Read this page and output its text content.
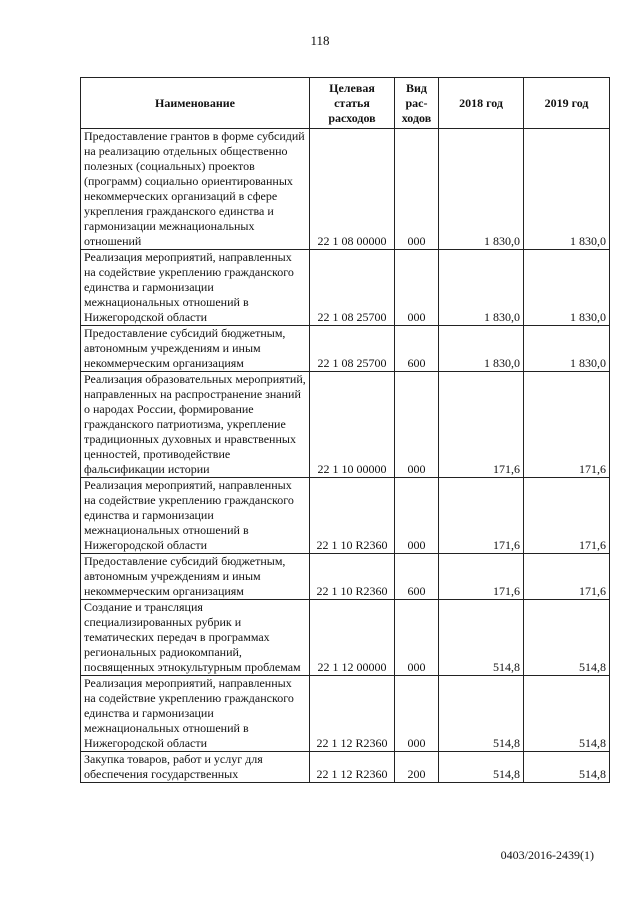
118
Наименование	Целевая статья расходов	Вид рас-ходов	2018 год	2019 год
Предоставление грантов в форме субсидий на реализацию отдельных общественно полезных (социальных) проектов (программ) социально ориентированных некоммерческих организаций в сфере укрепления гражданского единства и гармонизации межнациональных отношений	22 1 08 00000	000	1 830,0	1 830,0
Реализация мероприятий, направленных на содействие укреплению гражданского единства и гармонизации межнациональных отношений в Нижегородской области	22 1 08 25700	000	1 830,0	1 830,0
Предоставление субсидий бюджетным, автономным учреждениям и иным некоммерческим организациям	22 1 08 25700	600	1 830,0	1 830,0
Реализация образовательных мероприятий, направленных на распространение знаний о народах России, формирование гражданского патриотизма, укрепление традиционных духовных и нравственных ценностей, противодействие фальсификации истории	22 1 10 00000	000	171,6	171,6
Реализация мероприятий, направленных на содействие укреплению гражданского единства и гармонизации межнациональных отношений в Нижегородской области	22 1 10 R2360	000	171,6	171,6
Предоставление субсидий бюджетным, автономным учреждениям и иным некоммерческим организациям	22 1 10 R2360	600	171,6	171,6
Создание и трансляция специализированных рубрик и тематических передач в программах региональных радиокомпаний, посвященных этнокультурным проблемам	22 1 12 00000	000	514,8	514,8
Реализация мероприятий, направленных на содействие укреплению гражданского единства и гармонизации межнациональных отношений в Нижегородской области	22 1 12 R2360	000	514,8	514,8
Закупка товаров, работ и услуг для обеспечения государственных	22 1 12 R2360	200	514,8	514,8
0403/2016-2439(1)
